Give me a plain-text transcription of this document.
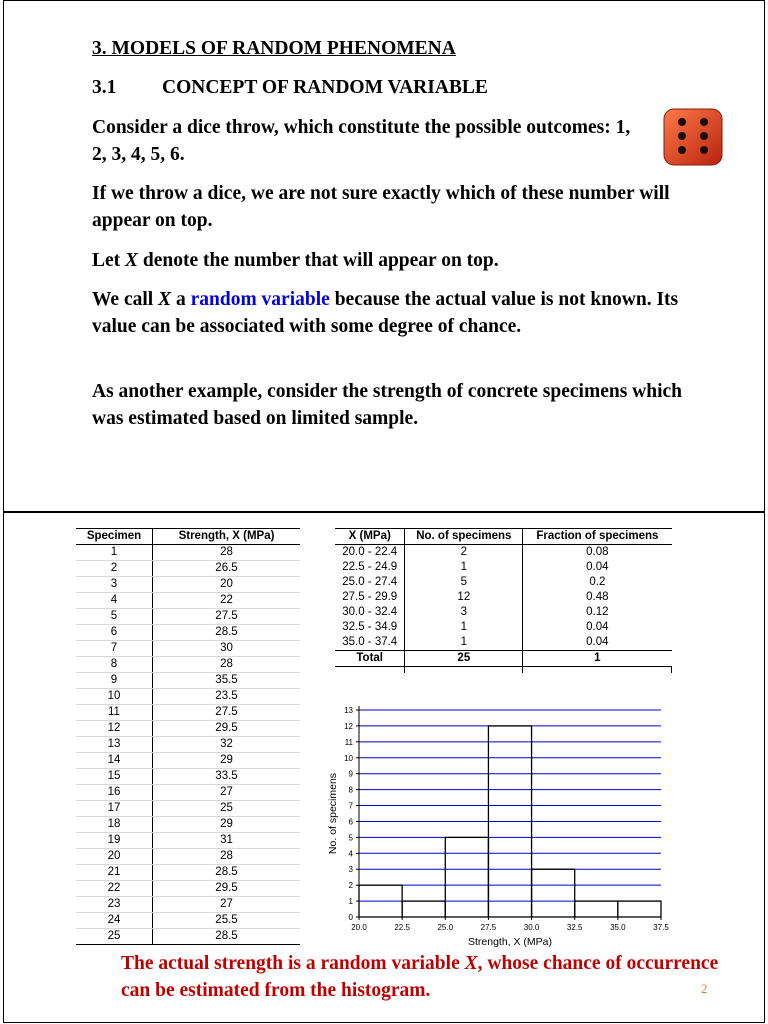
3. MODELS OF RANDOM PHENOMENA

3.1 CONCEPT OF RANDOM VARIABLE

Consider a dice throw, which constitute the possible outcomes: 1, 2, 3, 4, 5, 6.

If we throw a dice, we are not sure exactly which of these number will appear on top.

Let X denote the number that will appear on top.

We call X a random variable because the actual value is not known. Its value can be associated with some degree of chance.

As another example, consider the strength of concrete specimens which was estimated based on limited sample.

Specimen	Strength, X (MPa)
1	28
2	26.5
3	20
4	22
5	27.5
6	28.5
7	30
8	28
9	35.5
10	23.5
11	27.5
12	29.5
13	32
14	29
15	33.5
16	27
17	25
18	29
19	31
20	28
21	28.5
22	29.5
23	27
24	25.5
25	28.5
X (MPa)	No. of specimens	Fraction of specimens
20.0 - 22.4	2	0.08
22.5 - 24.9	1	0.04
25.0 - 27.4	5	0.2
27.5 - 29.9	12	0.48
30.0 - 32.4	3	0.12
32.5 - 34.9	1	0.04
35.0 - 37.4	1	0.04
Total	25	1

0
1
2
3
4
5
6
7
8
9
10
11
12
13
20.0	22.5	25.0	27.5	30.0	32.5	35.0	37.5
Strength, X (MPa)
No. of specimens

The actual strength is a random variable X, whose chance of occurrence can be estimated from the histogram.	2
